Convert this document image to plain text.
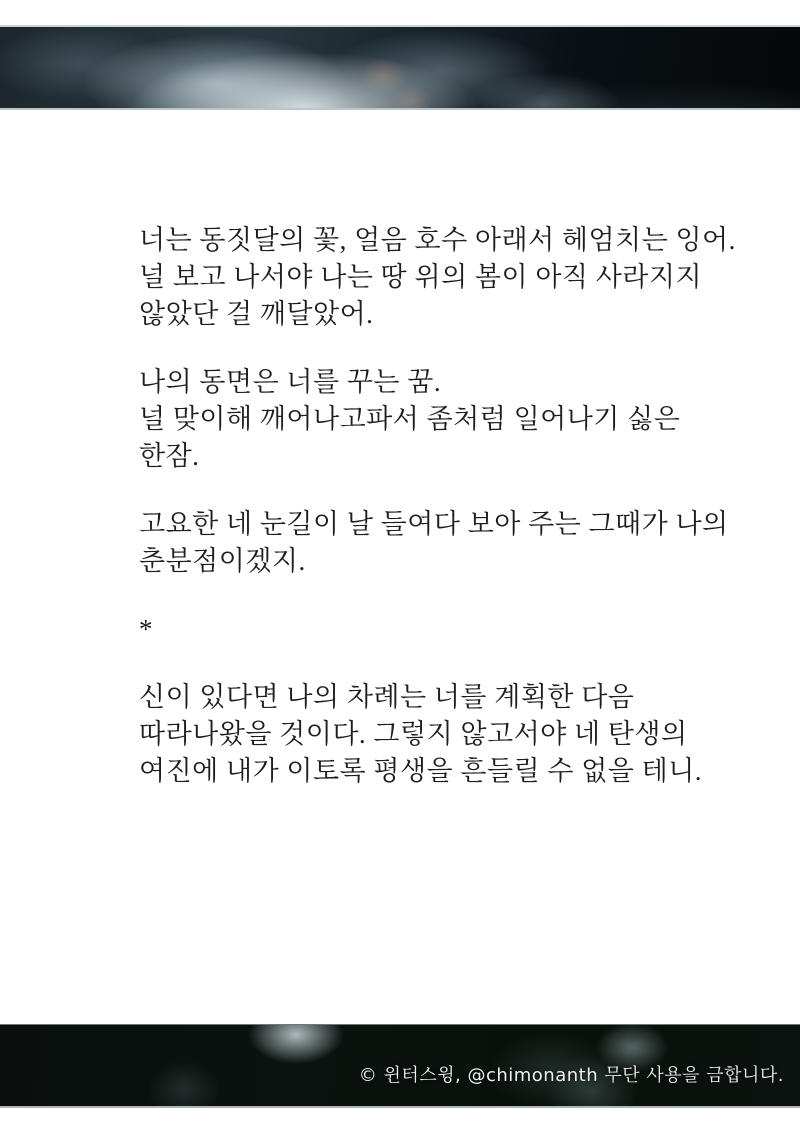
너는 동짓달의 꽃, 얼음 호수 아래서 헤엄치는 잉어.
널 보고 나서야 나는 땅 위의 봄이 아직 사라지지
않았단 걸 깨달았어.
나의 동면은 너를 꾸는 꿈.
널 맞이해 깨어나고파서 좀처럼 일어나기 싫은
한잠.
고요한 네 눈길이 날 들여다 보아 주는 그때가 나의
춘분점이겠지.
*
신이 있다면 나의 차례는 너를 계획한 다음
따라나왔을 것이다. 그렇지 않고서야 네 탄생의
여진에 내가 이토록 평생을 흔들릴 수 없을 테니.
© 윈터스윙, @chimonanth 무단 사용을 금합니다.
